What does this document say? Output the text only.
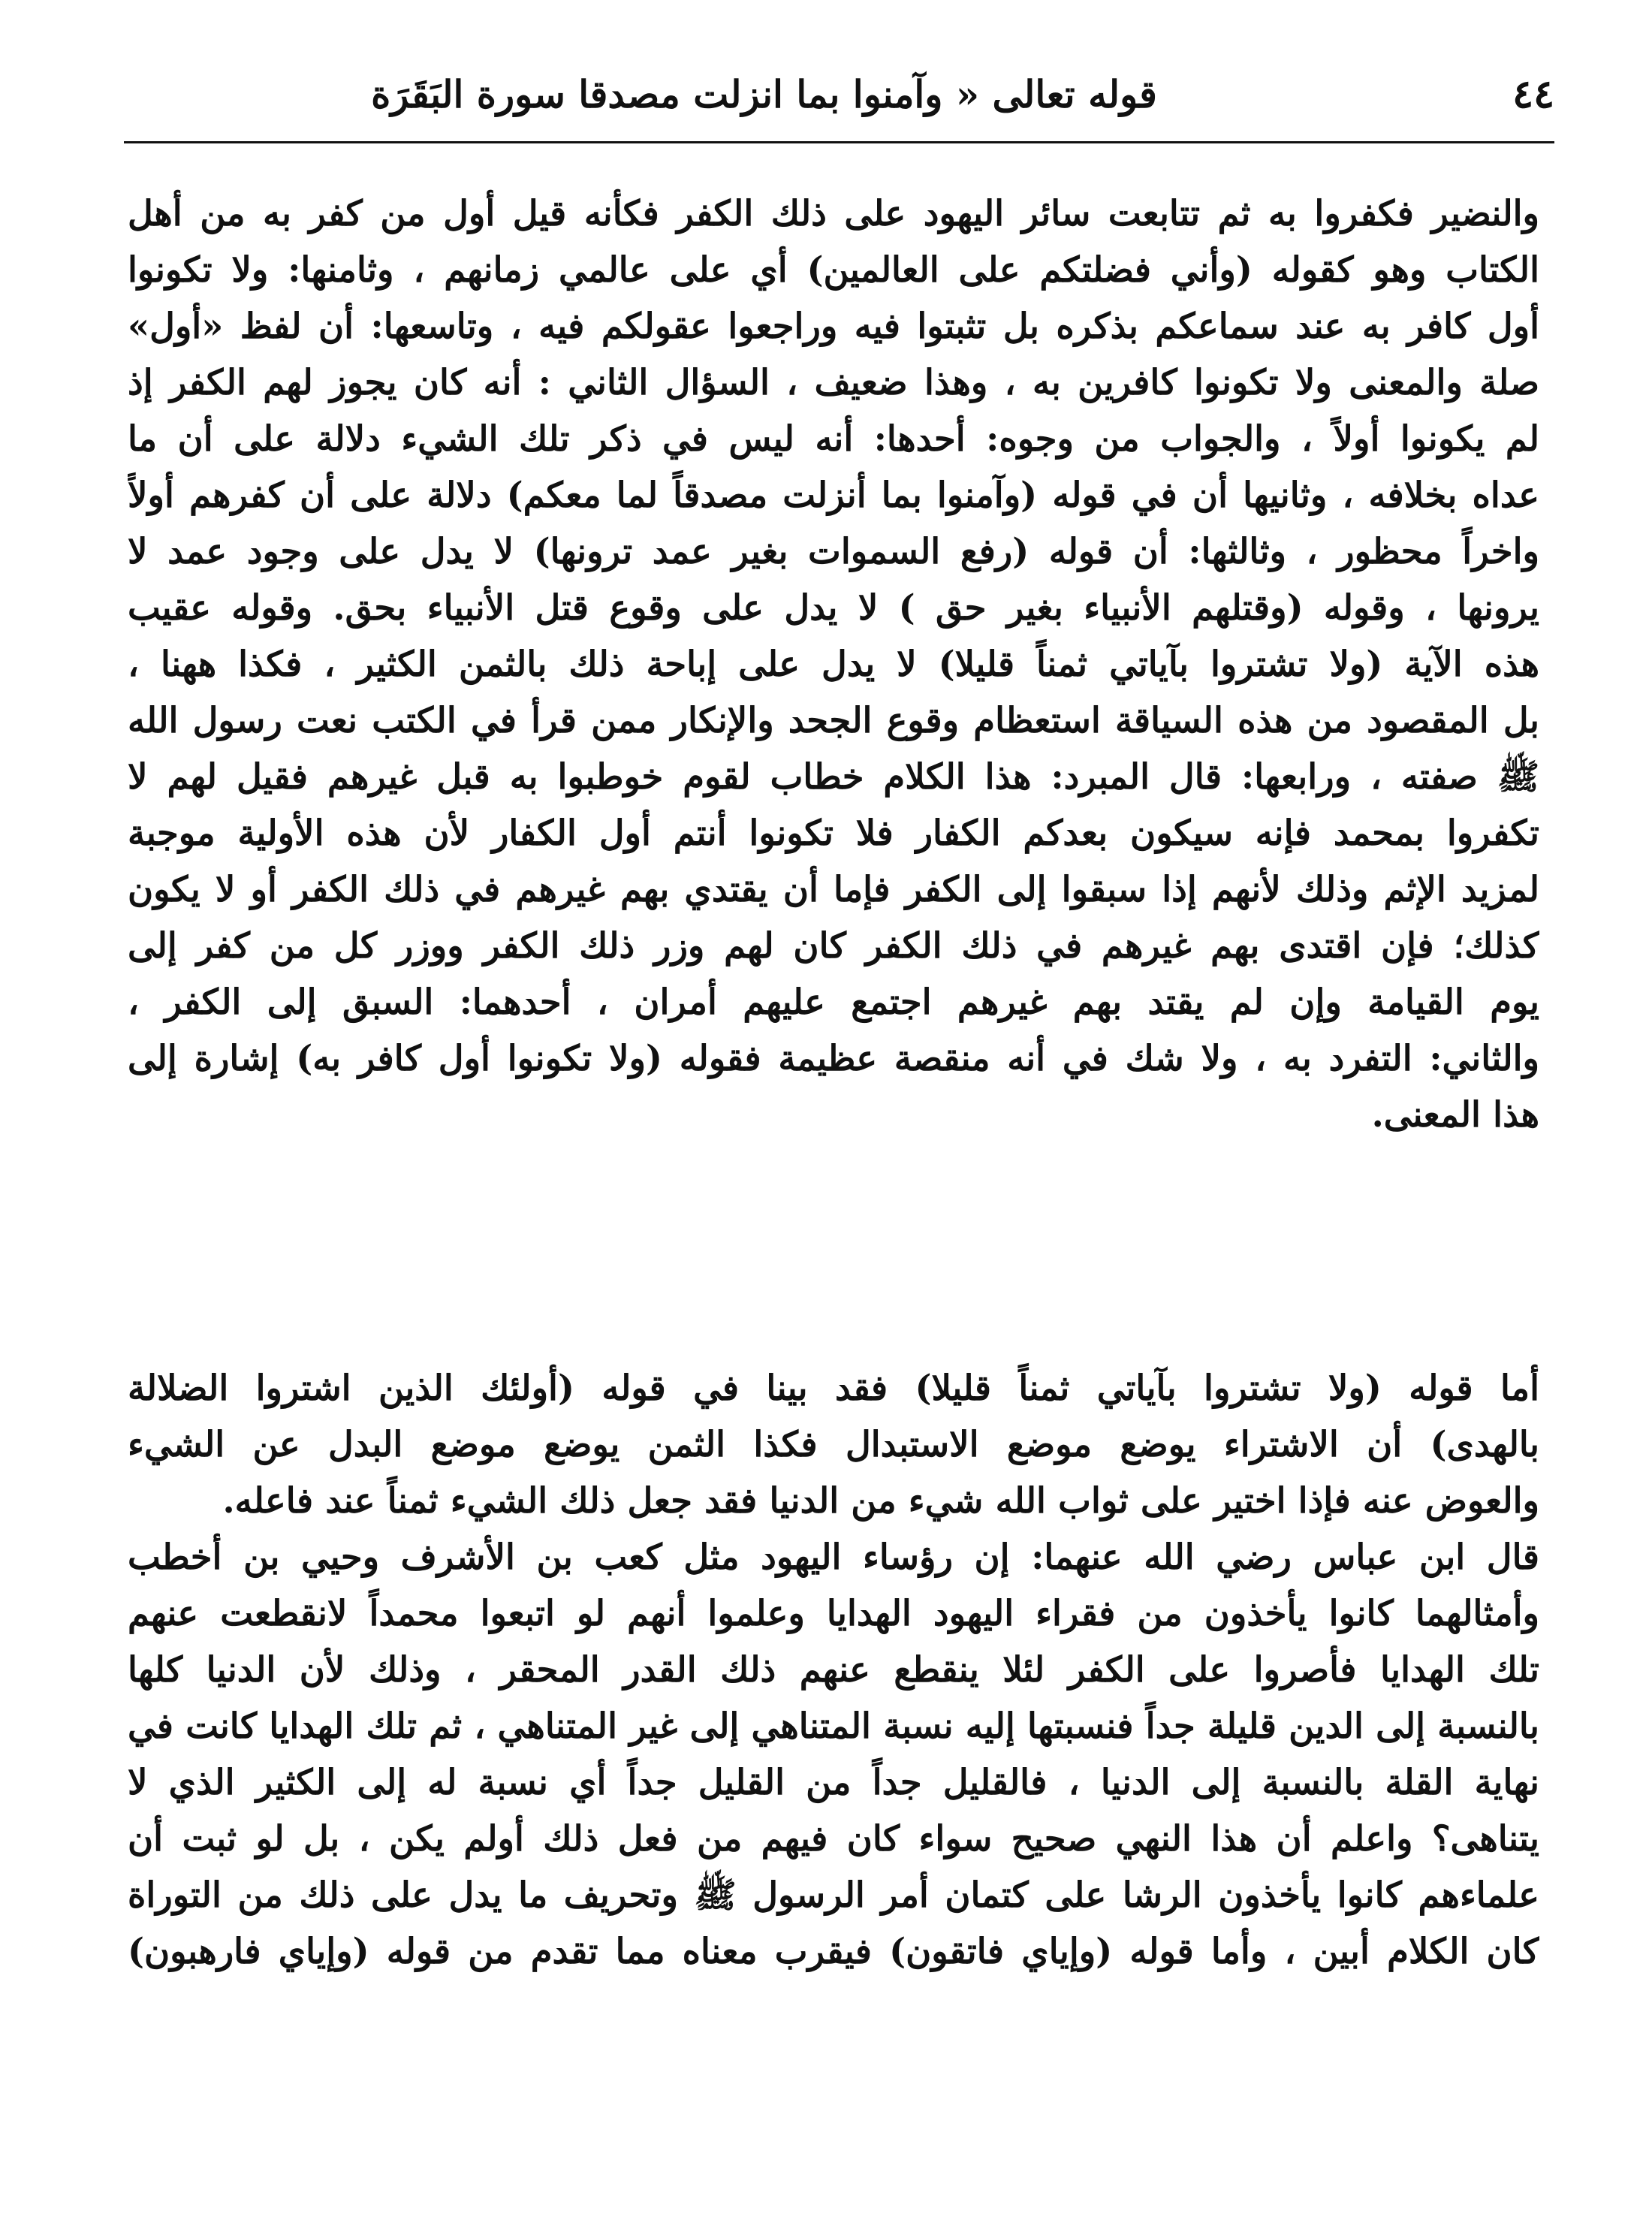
٤٤
قوله تعالى « وآمنوا بما انزلت مصدقا سورة البَقَرَة
والنضير فكفروا به ثم تتابعت سائر اليهود على ذلك الكفر فكأنه قيل أول من كفر به من أهل
الكتاب وهو كقوله (وأني فضلتكم على العالمين) أي على عالمي زمانهم ، وثامنها: ولا تكونوا
أول كافر به عند سماعكم بذكره بل تثبتوا فيه وراجعوا عقولكم فيه ، وتاسعها: أن لفظ «أول»
صلة والمعنى ولا تكونوا كافرين به ، وهذا ضعيف ، السؤال الثاني : أنه كان يجوز لهم الكفر إذ
لم يكونوا أولاً ، والجواب من وجوه: أحدها: أنه ليس في ذكر تلك الشيء دلالة على أن ما
عداه بخلافه ، وثانيها أن في قوله (وآمنوا بما أنزلت مصدقاً لما معكم) دلالة على أن كفرهم أولاً
واخراً محظور ، وثالثها: أن قوله (رفع السموات بغير عمد ترونها) لا يدل على وجود عمد لا
يرونها ، وقوله (وقتلهم الأنبياء بغير حق ) لا يدل على وقوع قتل الأنبياء بحق. وقوله عقيب
هذه الآية (ولا تشتروا بآياتي ثمناً قليلا) لا يدل على إباحة ذلك بالثمن الكثير ، فكذا ههنا ،
بل المقصود من هذه السياقة استعظام وقوع الجحد والإنكار ممن قرأ في الكتب نعت رسول الله
ﷺ صفته ، ورابعها: قال المبرد: هذا الكلام خطاب لقوم خوطبوا به قبل غيرهم فقيل لهم لا
تكفروا بمحمد فإنه سيكون بعدكم الكفار فلا تكونوا أنتم أول الكفار لأن هذه الأولية موجبة
لمزيد الإثم وذلك لأنهم إذا سبقوا إلى الكفر فإما أن يقتدي بهم غيرهم في ذلك الكفر أو لا يكون
كذلك؛ فإن اقتدى بهم غيرهم في ذلك الكفر كان لهم وزر ذلك الكفر ووزر كل من كفر إلى
يوم القيامة وإن لم يقتد بهم غيرهم اجتمع عليهم أمران ، أحدهما: السبق إلى الكفر ،
والثاني: التفرد به ، ولا شك في أنه منقصة عظيمة فقوله (ولا تكونوا أول كافر به) إشارة إلى
هذا المعنى.
أما قوله (ولا تشتروا بآياتي ثمناً قليلا) فقد بينا في قوله (أولئك الذين اشتروا الضلالة
بالهدى) أن الاشتراء يوضع موضع الاستبدال فكذا الثمن يوضع موضع البدل عن الشيء
والعوض عنه فإذا اختير على ثواب الله شيء من الدنيا فقد جعل ذلك الشيء ثمناً عند فاعله.
قال ابن عباس رضي الله عنهما: إن رؤساء اليهود مثل كعب بن الأشرف وحيي بن أخطب
وأمثالهما كانوا يأخذون من فقراء اليهود الهدايا وعلموا أنهم لو اتبعوا محمداً لانقطعت عنهم
تلك الهدايا فأصروا على الكفر لئلا ينقطع عنهم ذلك القدر المحقر ، وذلك لأن الدنيا كلها
بالنسبة إلى الدين قليلة جداً فنسبتها إليه نسبة المتناهي إلى غير المتناهي ، ثم تلك الهدايا كانت في
نهاية القلة بالنسبة إلى الدنيا ، فالقليل جداً من القليل جداً أي نسبة له إلى الكثير الذي لا
يتناهى؟ واعلم أن هذا النهي صحيح سواء كان فيهم من فعل ذلك أولم يكن ، بل لو ثبت أن
علماءهم كانوا يأخذون الرشا على كتمان أمر الرسول ﷺ وتحريف ما يدل على ذلك من التوراة
كان الكلام أبين ، وأما قوله (وإياي فاتقون) فيقرب معناه مما تقدم من قوله (وإياي فارهبون)
